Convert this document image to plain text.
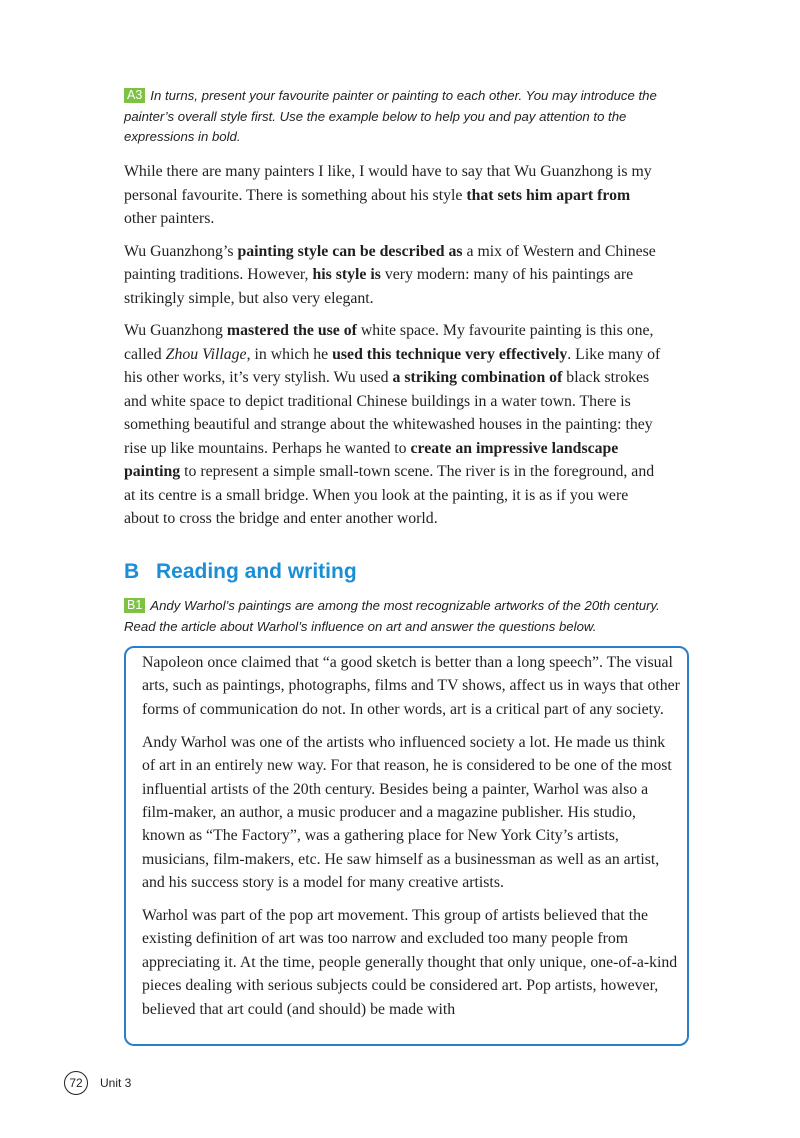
A3 In turns, present your favourite painter or painting to each other. You may introduce the painter’s overall style first. Use the example below to help you and pay attention to the expressions in bold.

While there are many painters I like, I would have to say that Wu Guanzhong is my personal favourite. There is something about his style that sets him apart from other painters.

Wu Guanzhong’s painting style can be described as a mix of Western and Chinese painting traditions. However, his style is very modern: many of his paintings are strikingly simple, but also very elegant.

Wu Guanzhong mastered the use of white space. My favourite painting is this one, called Zhou Village, in which he used this technique very effectively. Like many of his other works, it’s very stylish. Wu used a striking combination of black strokes and white space to depict traditional Chinese buildings in a water town. There is something beautiful and strange about the whitewashed houses in the painting: they rise up like mountains. Perhaps he wanted to create an impressive landscape painting to represent a simple small-town scene. The river is in the foreground, and at its centre is a small bridge. When you look at the painting, it is as if you were about to cross the bridge and enter another world.

B Reading and writing
B1 Andy Warhol’s paintings are among the most recognizable artworks of the 20th century. Read the article about Warhol’s influence on art and answer the questions below.

Napoleon once claimed that “a good sketch is better than a long speech”. The visual arts, such as paintings, photographs, films and TV shows, affect us in ways that other forms of communication do not. In other words, art is a critical part of any society.

Andy Warhol was one of the artists who influenced society a lot. He made us think of art in an entirely new way. For that reason, he is considered to be one of the most influential artists of the 20th century. Besides being a painter, Warhol was also a film-maker, an author, a music producer and a magazine publisher. His studio, known as “The Factory”, was a gathering place for New York City’s artists, musicians, film-makers, etc. He saw himself as a businessman as well as an artist, and his success story is a model for many creative artists.

Warhol was part of the pop art movement. This group of artists believed that the existing definition of art was too narrow and excluded too many people from appreciating it. At the time, people generally thought that only unique, one-of-a-kind pieces dealing with serious subjects could be considered art. Pop artists, however, believed that art could (and should) be made with

72	Unit 3
